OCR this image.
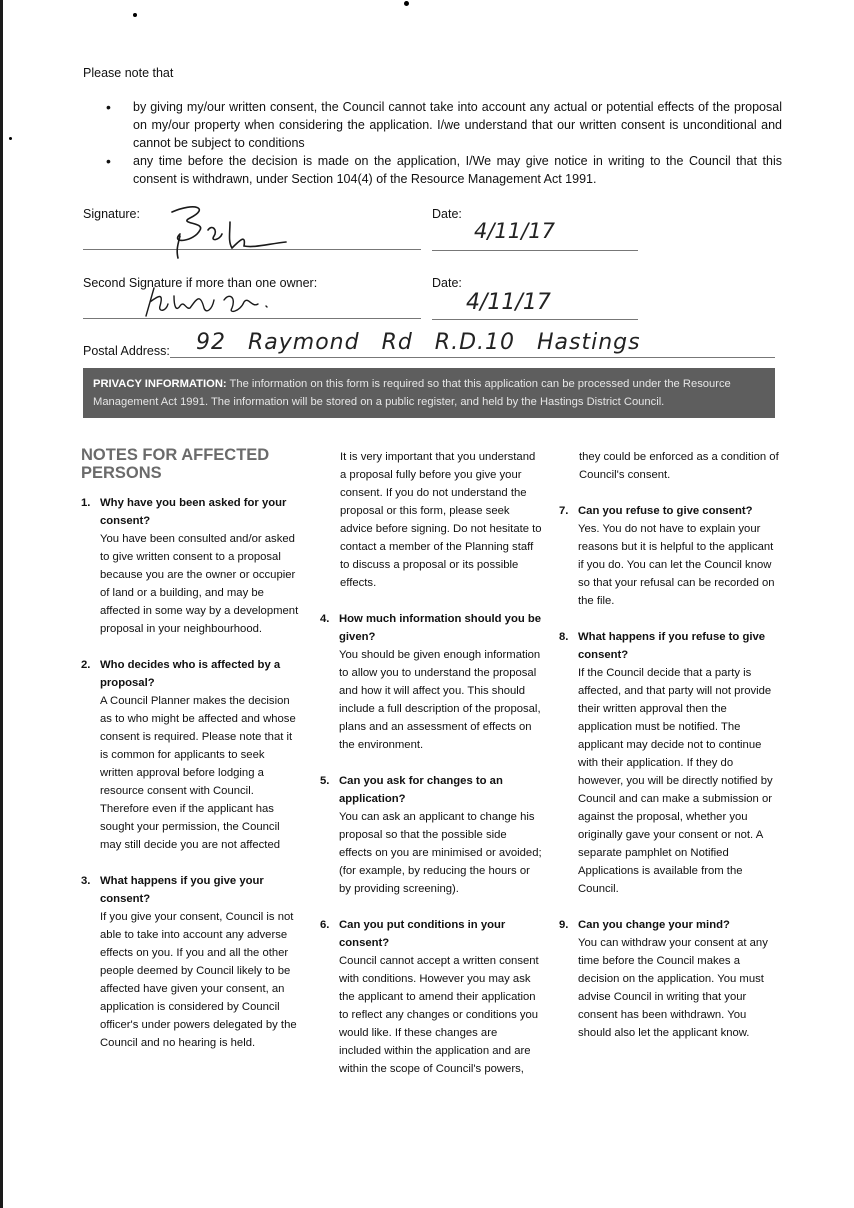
Please note that
• by giving my/our written consent, the Council cannot take into account any actual or potential effects of the proposal on my/our property when considering the application. I/we understand that our written consent is unconditional and cannot be subject to conditions
• any time before the decision is made on the application, I/We may give notice in writing to the Council that this consent is withdrawn, under Section 104(4) of the Resource Management Act 1991.
Signature:	Date:
4/11/17
Second Signature if more than one owner:	Date:
4/11/17
Postal Address: 92 Raymond Rd R.D.10 Hastings
PRIVACY INFORMATION: The information on this form is required so that this application can be processed under the Resource Management Act 1991. The information will be stored on a public register, and held by the Hastings District Council.
NOTES FOR AFFECTED PERSONS
1. Why have you been asked for your consent?
You have been consulted and/or asked to give written consent to a proposal because you are the owner or occupier of land or a building, and may be affected in some way by a development proposal in your neighbourhood.
2. Who decides who is affected by a proposal?
A Council Planner makes the decision as to who might be affected and whose consent is required. Please note that it is common for applicants to seek written approval before lodging a resource consent with Council. Therefore even if the applicant has sought your permission, the Council may still decide you are not affected
3. What happens if you give your consent?
If you give your consent, Council is not able to take into account any adverse effects on you. If you and all the other people deemed by Council likely to be affected have given your consent, an application is considered by Council officer's under powers delegated by the Council and no hearing is held.
It is very important that you understand a proposal fully before you give your consent. If you do not understand the proposal or this form, please seek advice before signing. Do not hesitate to contact a member of the Planning staff to discuss a proposal or its possible effects.
4. How much information should you be given?
You should be given enough information to allow you to understand the proposal and how it will affect you. This should include a full description of the proposal, plans and an assessment of effects on the environment.
5. Can you ask for changes to an application?
You can ask an applicant to change his proposal so that the possible side effects on you are minimised or avoided; (for example, by reducing the hours or by providing screening).
6. Can you put conditions in your consent?
Council cannot accept a written consent with conditions. However you may ask the applicant to amend their application to reflect any changes or conditions you would like. If these changes are included within the application and are within the scope of Council's powers,
they could be enforced as a condition of Council's consent.
7. Can you refuse to give consent?
Yes. You do not have to explain your reasons but it is helpful to the applicant if you do. You can let the Council know so that your refusal can be recorded on the file.
8. What happens if you refuse to give consent?
If the Council decide that a party is affected, and that party will not provide their written approval then the application must be notified. The applicant may decide not to continue with their application. If they do however, you will be directly notified by Council and can make a submission or against the proposal, whether you originally gave your consent or not. A separate pamphlet on Notified Applications is available from the Council.
9. Can you change your mind?
You can withdraw your consent at any time before the Council makes a decision on the application. You must advise Council in writing that your consent has been withdrawn. You should also let the applicant know.
